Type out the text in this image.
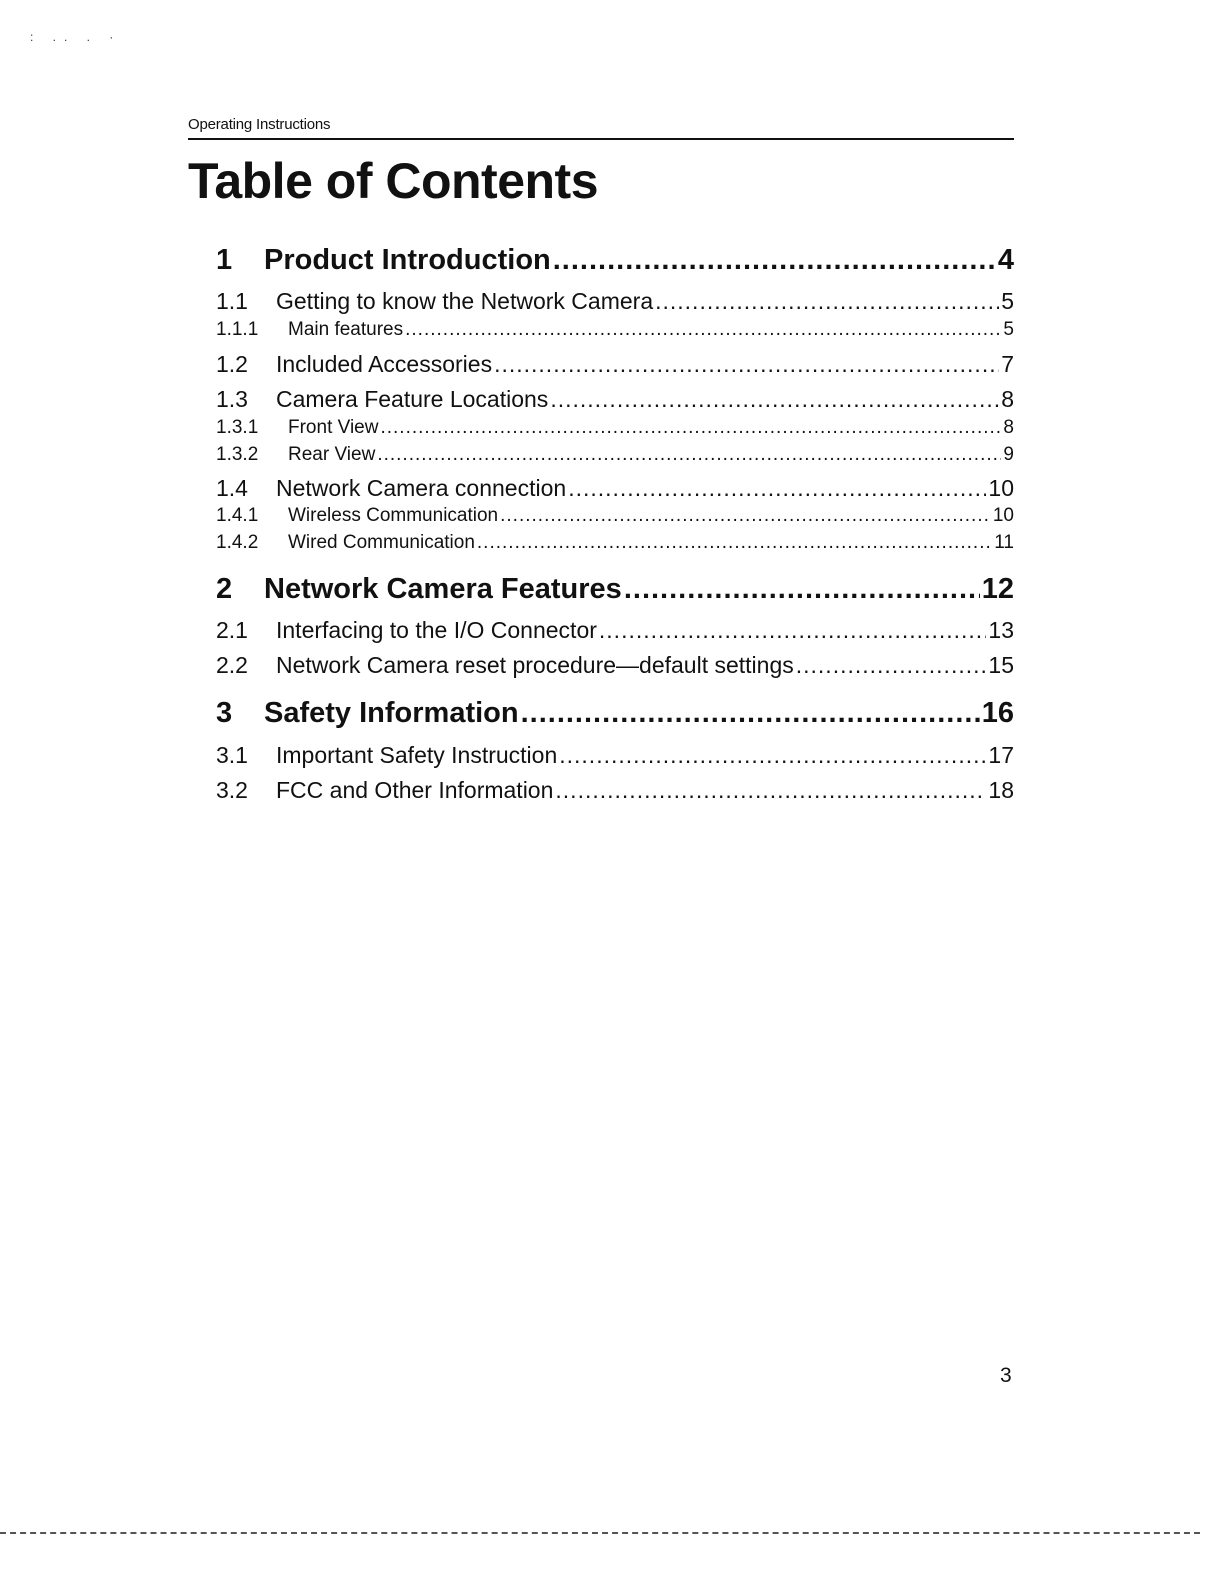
: .. . ·
Operating Instructions
Table of Contents
1	Product Introduction .....	4
1.1	Getting to know the Network Camera .....	5
1.1.1	Main features .....	5
1.2	Included Accessories .....	7
1.3	Camera Feature Locations .....	8
1.3.1	Front View .....	8
1.3.2	Rear View .....	9
1.4	Network Camera connection .....	10
1.4.1	Wireless Communication .....	10
1.4.2	Wired Communication .....	11
2	Network Camera Features .....	12
2.1	Interfacing to the I/O Connector .....	13
2.2	Network Camera reset procedure—default settings .....	15
3	Safety Information .....	16
3.1	Important Safety Instruction .....	17
3.2	FCC and Other Information .....	18
3
